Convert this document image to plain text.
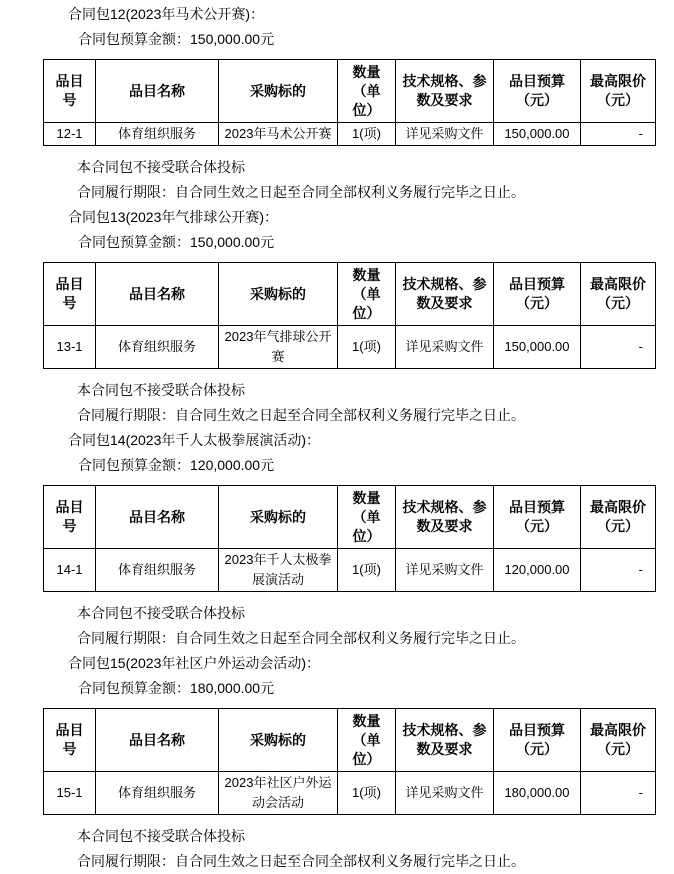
合同包12(2023年马术公开赛)：

合同包预算金额：150,000.00元

品目号	品目名称	采购标的	数量（单位）	技术规格、参数及要求	品目预算（元）	最高限价（元）
12-1	体育组织服务	2023年马术公开赛	1(项)	详见采购文件	150,000.00	-

本合同包不接受联合体投标

合同履行期限：自合同生效之日起至合同全部权利义务履行完毕之日止。

合同包13(2023年气排球公开赛)：

合同包预算金额：150,000.00元

品目号	品目名称	采购标的	数量（单位）	技术规格、参数及要求	品目预算（元）	最高限价（元）
13-1	体育组织服务	2023年气排球公开赛	1(项)	详见采购文件	150,000.00	-

本合同包不接受联合体投标

合同履行期限：自合同生效之日起至合同全部权利义务履行完毕之日止。

合同包14(2023年千人太极拳展演活动)：

合同包预算金额：120,000.00元

品目号	品目名称	采购标的	数量（单位）	技术规格、参数及要求	品目预算（元）	最高限价（元）
14-1	体育组织服务	2023年千人太极拳展演活动	1(项)	详见采购文件	120,000.00	-

本合同包不接受联合体投标

合同履行期限：自合同生效之日起至合同全部权利义务履行完毕之日止。

合同包15(2023年社区户外运动会活动)：

合同包预算金额：180,000.00元

品目号	品目名称	采购标的	数量（单位）	技术规格、参数及要求	品目预算（元）	最高限价（元）
15-1	体育组织服务	2023年社区户外运动会活动	1(项)	详见采购文件	180,000.00	-

本合同包不接受联合体投标

合同履行期限：自合同生效之日起至合同全部权利义务履行完毕之日止。
